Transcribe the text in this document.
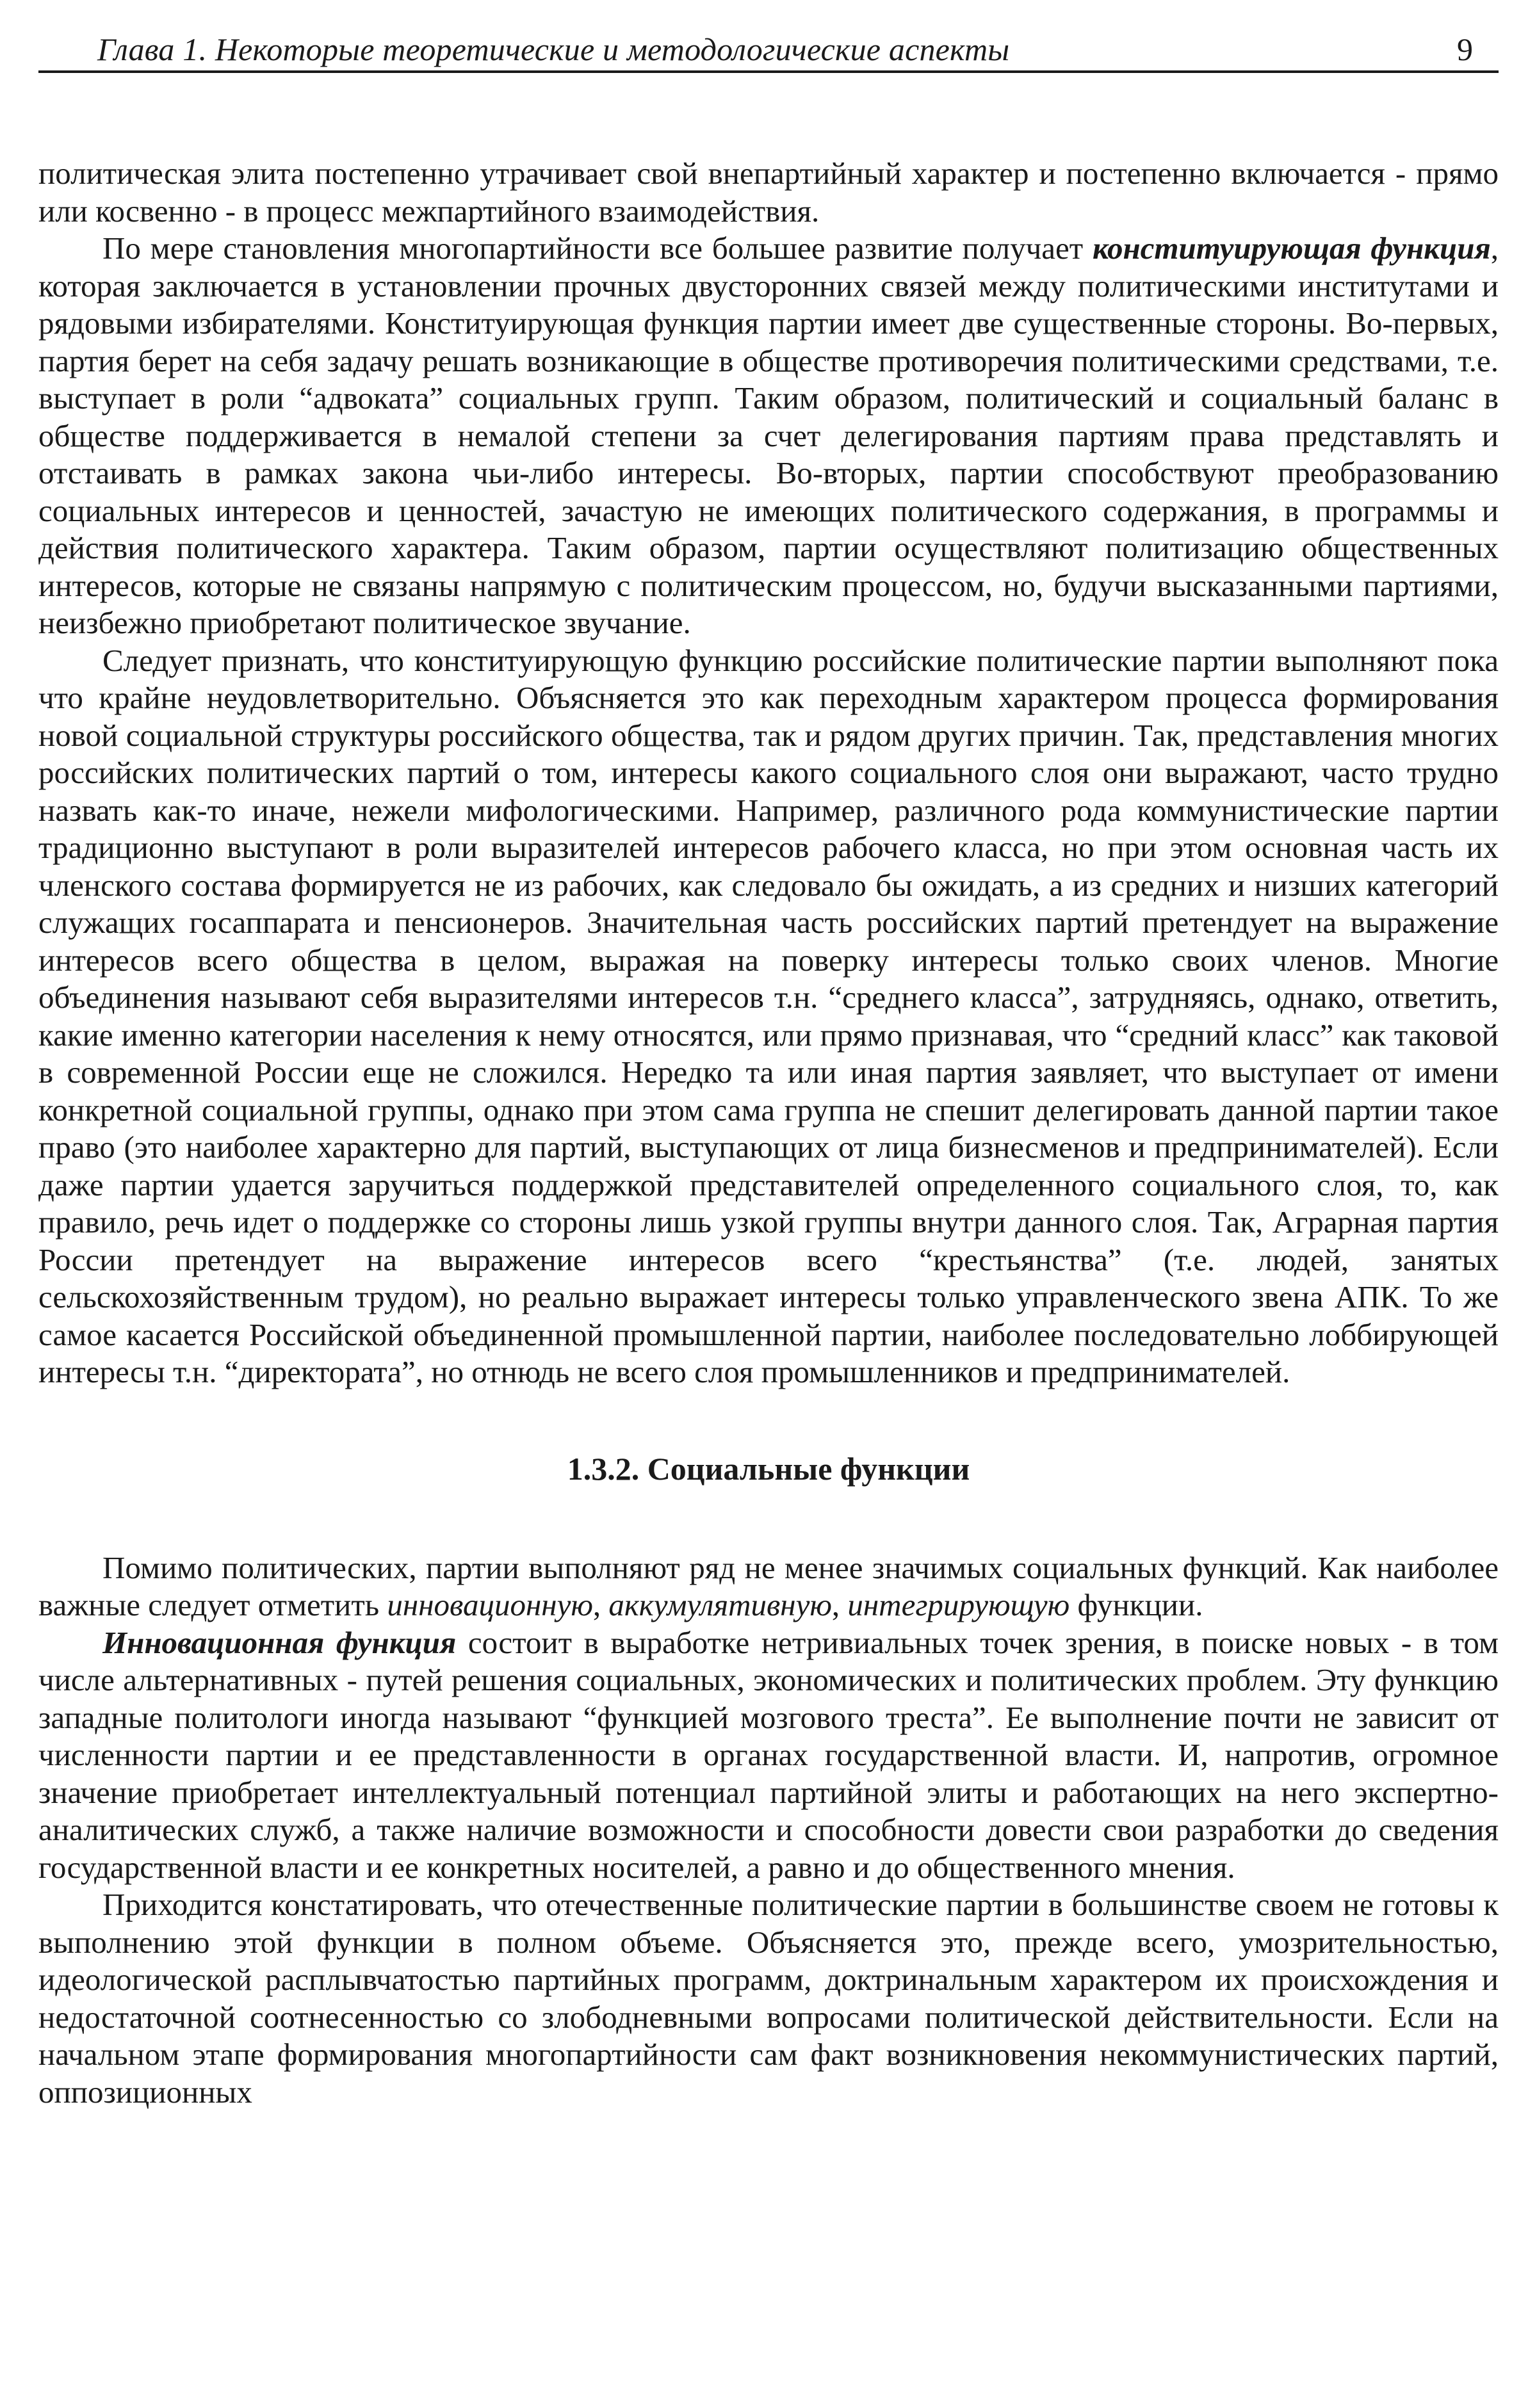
Глава 1. Некоторые теоретические и методологические аспекты	9

политическая элита постепенно утрачивает свой внепартийный характер и постепенно включается - прямо или косвенно - в процесс межпартийного взаимодействия.

По мере становления многопартийности все большее развитие получает конституирующая функция, которая заключается в установлении прочных двусторонних связей между политическими институтами и рядовыми избирателями. Конституирующая функция партии имеет две существенные стороны. Во-первых, партия берет на себя задачу решать возникающие в обществе противоречия политическими средствами, т.е. выступает в роли “адвоката” социальных групп. Таким образом, политический и социальный баланс в обществе поддерживается в немалой степени за счет делегирования партиям права представлять и отстаивать в рамках закона чьи-либо интересы. Во-вторых, партии способствуют преобразованию социальных интересов и ценностей, зачастую не имеющих политического содержания, в программы и действия политического характера. Таким образом, партии осуществляют политизацию общественных интересов, которые не связаны напрямую с политическим процессом, но, будучи высказанными партиями, неизбежно приобретают политическое звучание.

Следует признать, что конституирующую функцию российские политические партии выполняют пока что крайне неудовлетворительно. Объясняется это как переходным характером процесса формирования новой социальной структуры российского общества, так и рядом других причин. Так, представления многих российских политических партий о том, интересы какого социального слоя они выражают, часто трудно назвать как-то иначе, нежели мифологическими. Например, различного рода коммунистические партии традиционно выступают в роли выразителей интересов рабочего класса, но при этом основная часть их членского состава формируется не из рабочих, как следовало бы ожидать, а из средних и низших категорий служащих госаппарата и пенсионеров. Значительная часть российских партий претендует на выражение интересов всего общества в целом, выражая на поверку интересы только своих членов. Многие объединения называют себя выразителями интересов т.н. “среднего класса”, затрудняясь, однако, ответить, какие именно категории населения к нему относятся, или прямо признавая, что “средний класс” как таковой в современной России еще не сложился. Нередко та или иная партия заявляет, что выступает от имени конкретной социальной группы, однако при этом сама группа не спешит делегировать данной партии такое право (это наиболее характерно для партий, выступающих от лица бизнесменов и предпринимателей). Если даже партии удается заручиться поддержкой представителей определенного социального слоя, то, как правило, речь идет о поддержке со стороны лишь узкой группы внутри данного слоя. Так, Аграрная партия России претендует на выражение интересов всего “крестьянства” (т.е. людей, занятых сельскохозяйственным трудом), но реально выражает интересы только управленческого звена АПК. То же самое касается Российской объединенной промышленной партии, наиболее последовательно лоббирующей интересы т.н. “директората”, но отнюдь не всего слоя промышленников и предпринимателей.

1.3.2. Социальные функции

Помимо политических, партии выполняют ряд не менее значимых социальных функций. Как наиболее важные следует отметить инновационную, аккумулятивную, интегрирующую функции.

Инновационная функция состоит в выработке нетривиальных точек зрения, в поиске новых - в том числе альтернативных - путей решения социальных, экономических и политических проблем. Эту функцию западные политологи иногда называют “функцией мозгового треста”. Ее выполнение почти не зависит от численности партии и ее представленности в органах государственной власти. И, напротив, огромное значение приобретает интеллектуальный потенциал партийной элиты и работающих на него экспертно-аналитических служб, а также наличие возможности и способности довести свои разработки до сведения государственной власти и ее конкретных носителей, а равно и до общественного мнения.

Приходится констатировать, что отечественные политические партии в большинстве своем не готовы к выполнению этой функции в полном объеме. Объясняется это, прежде всего, умозрительностью, идеологической расплывчатостью партийных программ, доктринальным характером их происхождения и недостаточной соотнесенностью со злободневными вопросами политической действительности. Если на начальном этапе формирования многопартийности сам факт возникновения некоммунистических партий, оппозиционных
